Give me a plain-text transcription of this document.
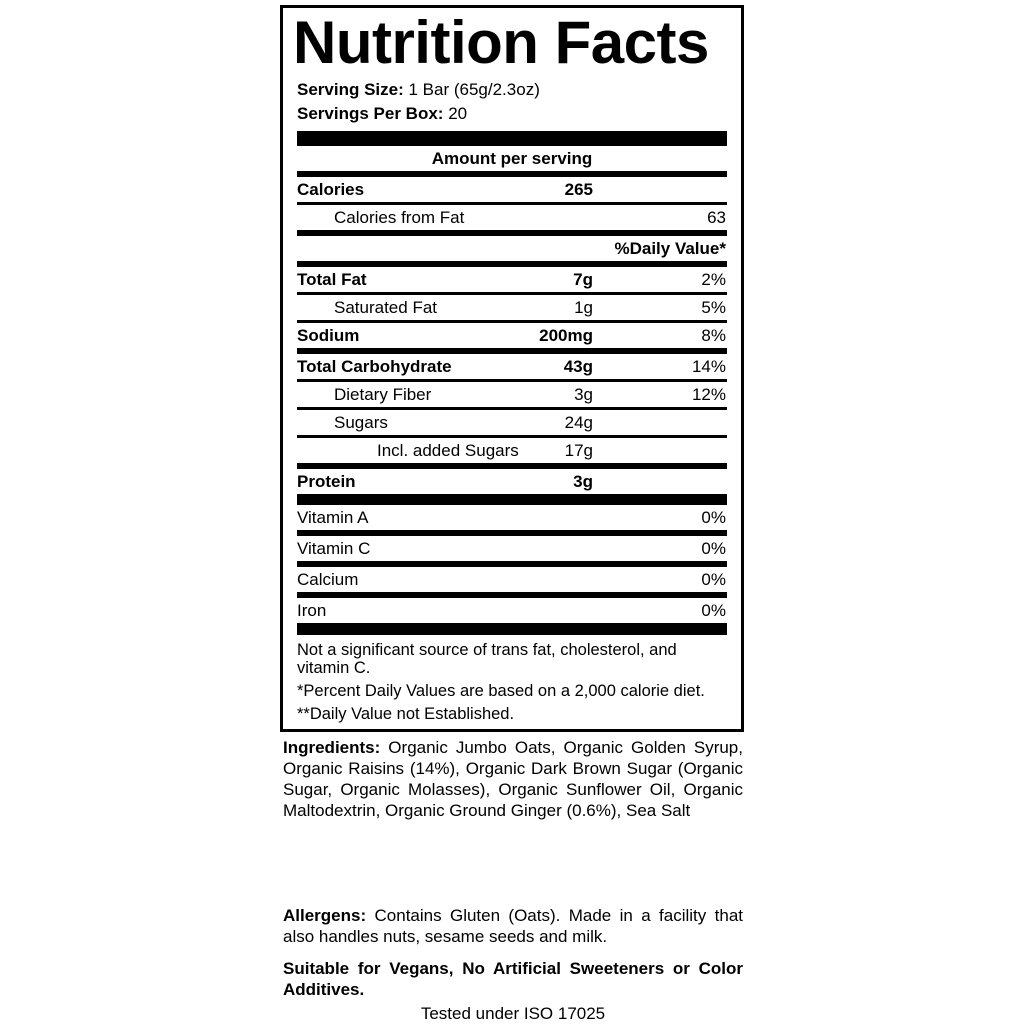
Nutrition Facts
Serving Size: 1 Bar (65g/2.3oz)
Servings Per Box: 20
Amount per serving
Calories	265
Calories from Fat	63
%Daily Value*
Total Fat	7g	2%
Saturated Fat	1g	5%
Sodium	200mg	8%
Total Carbohydrate	43g	14%
Dietary Fiber	3g	12%
Sugars	24g
Incl. added Sugars	17g
Protein	3g
Vitamin A	0%
Vitamin C	0%
Calcium	0%
Iron	0%

Not a significant source of trans fat, cholesterol, and vitamin C.

*Percent Daily Values are based on a 2,000 calorie diet.

**Daily Value not Established.

Ingredients: Organic Jumbo Oats, Organic Golden Syrup, Organic Raisins (14%), Organic Dark Brown Sugar (Organic Sugar, Organic Molasses), Organic Sunflower Oil, Organic Maltodextrin, Organic Ground Ginger (0.6%), Sea Salt
Allergens: Contains Gluten (Oats). Made in a facility that also handles nuts, sesame seeds and milk.
Suitable for Vegans, No Artificial Sweeteners or Color Additives.
Tested under ISO 17025
